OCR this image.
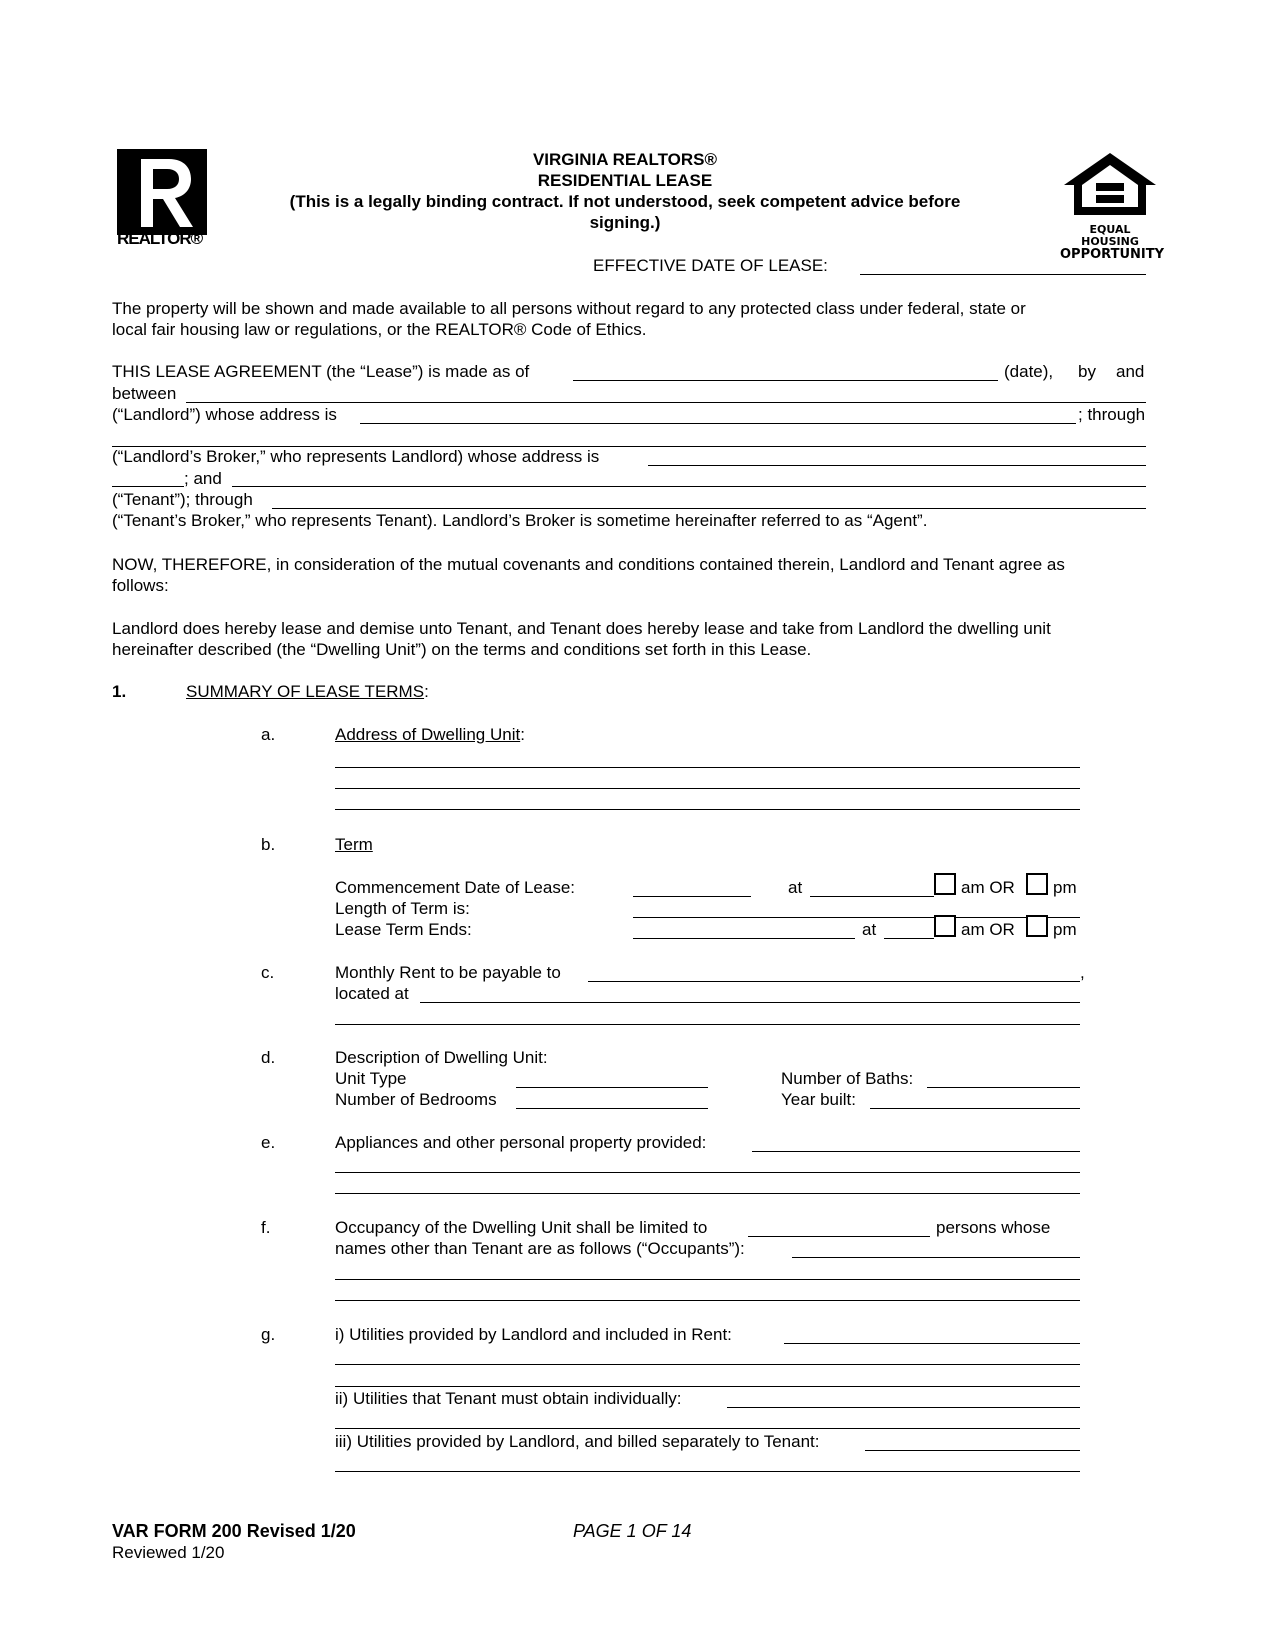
REALTOR®	EQUAL HOUSING
OPPORTUNITY
VIRGINIA REALTORS®
RESIDENTIAL LEASE
(This is a legally binding contract. If not understood, seek competent advice before
signing.)
EFFECTIVE DATE OF LEASE:
The property will be shown and made available to all persons without regard to any protected class under federal, state or
local fair housing law or regulations, or the REALTOR® Code of Ethics.
THIS LEASE AGREEMENT (the “Lease”) is made as of	(date), by and
between
(“Landlord”) whose address is	; through
(“Landlord’s Broker,” who represents Landlord) whose address is
; and
(“Tenant”); through
(“Tenant’s Broker,” who represents Tenant). Landlord’s Broker is sometime hereinafter referred to as “Agent”.
NOW, THEREFORE, in consideration of the mutual covenants and conditions contained therein, Landlord and Tenant agree as
follows:
Landlord does hereby lease and demise unto Tenant, and Tenant does hereby lease and take from Landlord the dwelling unit
hereinafter described (the “Dwelling Unit”) on the terms and conditions set forth in this Lease.
1.	SUMMARY OF LEASE TERMS:
a.	Address of Dwelling Unit:
b.	Term
Commencement Date of Lease:	at	am OR pm
Length of Term is:
Lease Term Ends:	at	am OR pm
c.	Monthly Rent to be payable to	,
located at
d.	Description of Dwelling Unit:
Unit Type	Number of Baths:
Number of Bedrooms	Year built:
e.	Appliances and other personal property provided:
f.	Occupancy of the Dwelling Unit shall be limited to	persons whose
names other than Tenant are as follows (“Occupants”):
g.	i) Utilities provided by Landlord and included in Rent:
ii) Utilities that Tenant must obtain individually:
iii) Utilities provided by Landlord, and billed separately to Tenant:
VAR FORM 200 Revised 1/20
Reviewed 1/20
PAGE 1 OF 14
